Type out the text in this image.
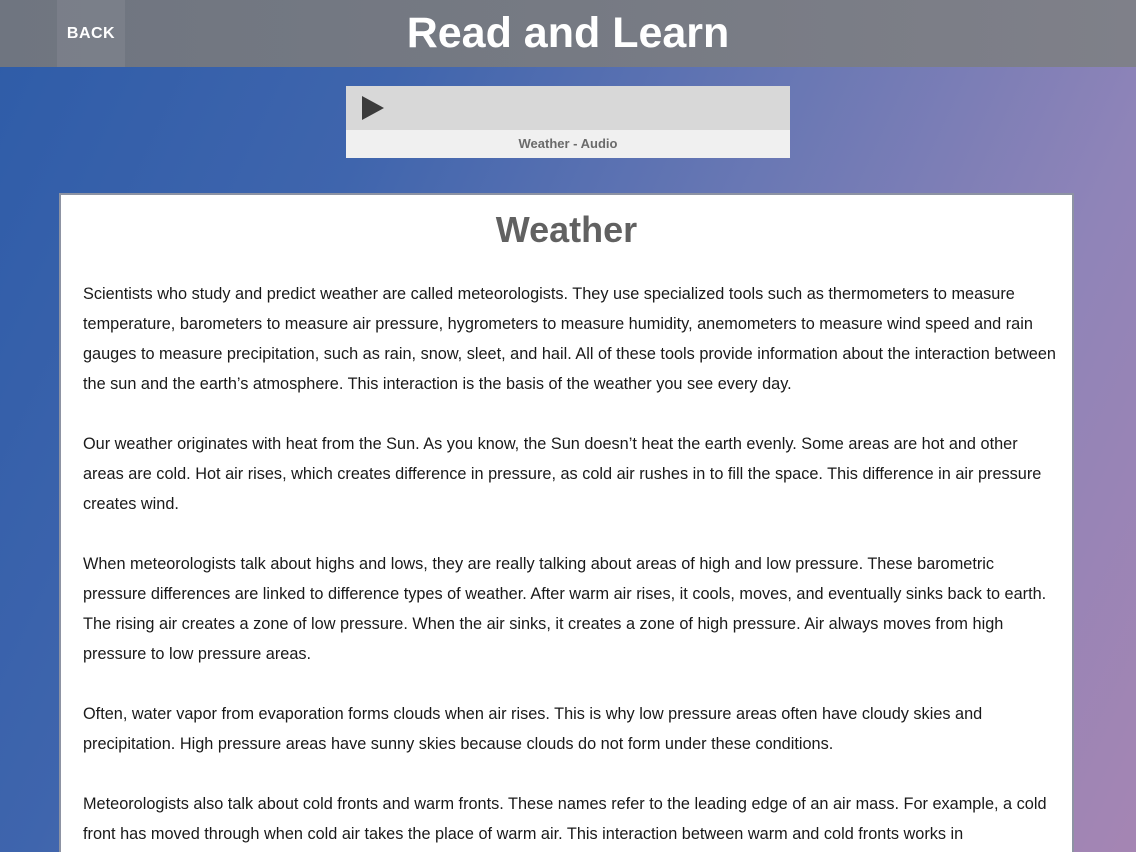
BACK	Read and Learn
Weather - Audio
Weather

Scientists who study and predict weather are called meteorologists. They use specialized tools such as thermometers to measure temperature, barometers to measure air pressure, hygrometers to measure humidity, anemometers to measure wind speed and rain gauges to measure precipitation, such as rain, snow, sleet, and hail. All of these tools provide information about the interaction between the sun and the earth’s atmosphere. This interaction is the basis of the weather you see every day.

Our weather originates with heat from the Sun. As you know, the Sun doesn’t heat the earth evenly. Some areas are hot and other areas are cold. Hot air rises, which creates difference in pressure, as cold air rushes in to fill the space. This difference in air pressure creates wind.

When meteorologists talk about highs and lows, they are really talking about areas of high and low pressure. These barometric pressure differences are linked to difference types of weather. After warm air rises, it cools, moves, and eventually sinks back to earth. The rising air creates a zone of low pressure. When the air sinks, it creates a zone of high pressure. Air always moves from high pressure to low pressure areas.

Often, water vapor from evaporation forms clouds when air rises. This is why low pressure areas often have cloudy skies and precipitation. High pressure areas have sunny skies because clouds do not form under these conditions.

Meteorologists also talk about cold fronts and warm fronts. These names refer to the leading edge of an air mass. For example, a cold front has moved through when cold air takes the place of warm air. This interaction between warm and cold fronts works in
